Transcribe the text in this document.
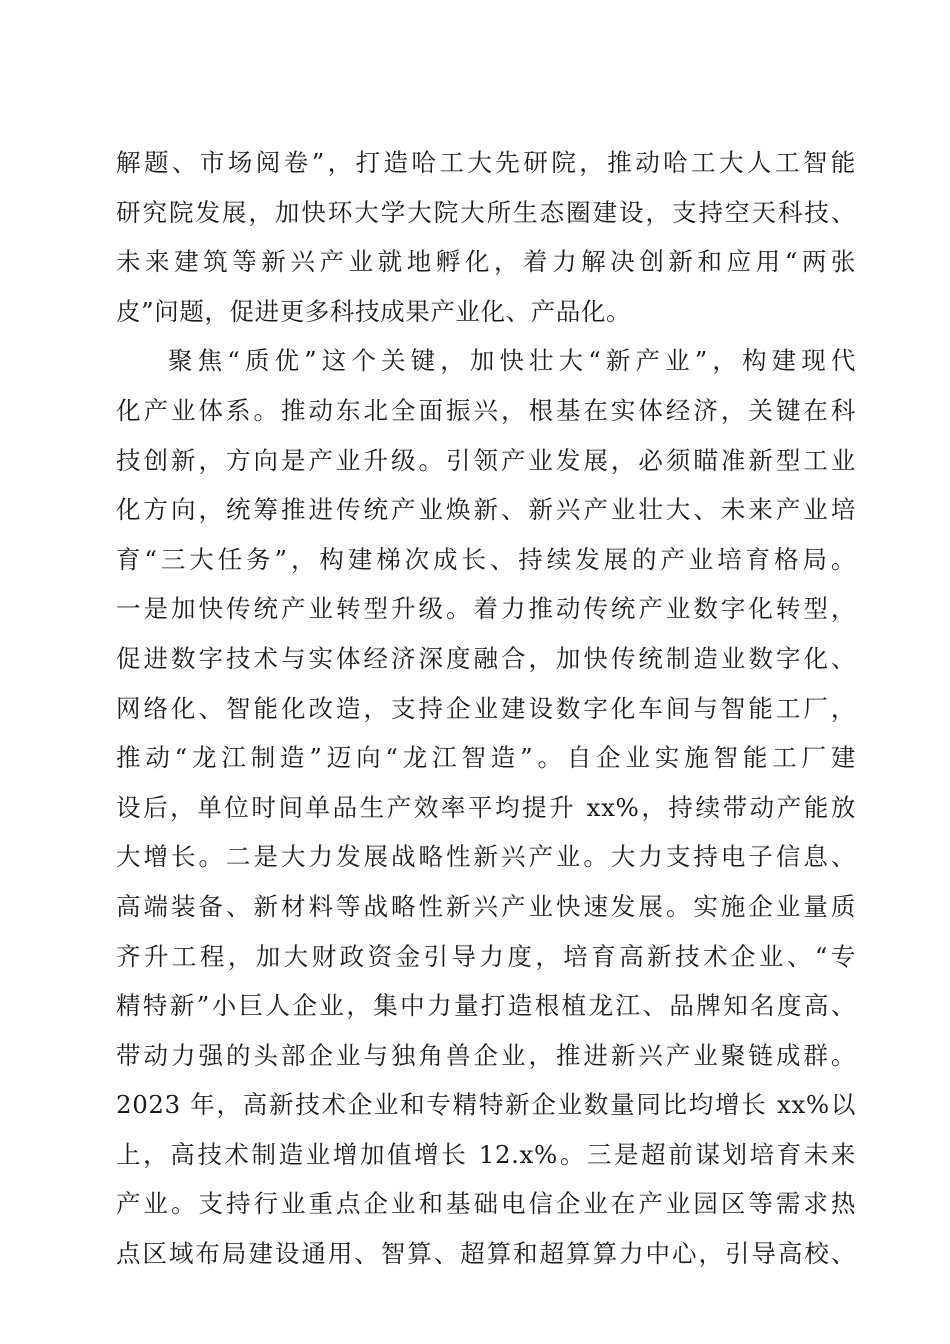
解题、市场阅卷”，打造哈工大先研院，推动哈工大人工智能
研究院发展，加快环大学大院大所生态圈建设，支持空天科技、
未来建筑等新兴产业就地孵化，着力解决创新和应用“两张
皮”问题，促进更多科技成果产业化、产品化。
聚焦“质优”这个关键，加快壮大“新产业”，构建现代
化产业体系。推动东北全面振兴，根基在实体经济，关键在科
技创新，方向是产业升级。引领产业发展，必须瞄准新型工业
化方向，统筹推进传统产业焕新、新兴产业壮大、未来产业培
育“三大任务”，构建梯次成长、持续发展的产业培育格局。
一是加快传统产业转型升级。着力推动传统产业数字化转型，
促进数字技术与实体经济深度融合，加快传统制造业数字化、
网络化、智能化改造，支持企业建设数字化车间与智能工厂，
推动“龙江制造”迈向“龙江智造”。自企业实施智能工厂建
设后，单位时间单品生产效率平均提升 xx%，持续带动产能放
大增长。二是大力发展战略性新兴产业。大力支持电子信息、
高端装备、新材料等战略性新兴产业快速发展。实施企业量质
齐升工程，加大财政资金引导力度，培育高新技术企业、“专
精特新”小巨人企业，集中力量打造根植龙江、品牌知名度高、
带动力强的头部企业与独角兽企业，推进新兴产业聚链成群。
2023 年，高新技术企业和专精特新企业数量同比均增长 xx%以
上，高技术制造业增加值增长 12.x%。三是超前谋划培育未来
产业。支持行业重点企业和基础电信企业在产业园区等需求热
点区域布局建设通用、智算、超算和超算算力中心，引导高校、
